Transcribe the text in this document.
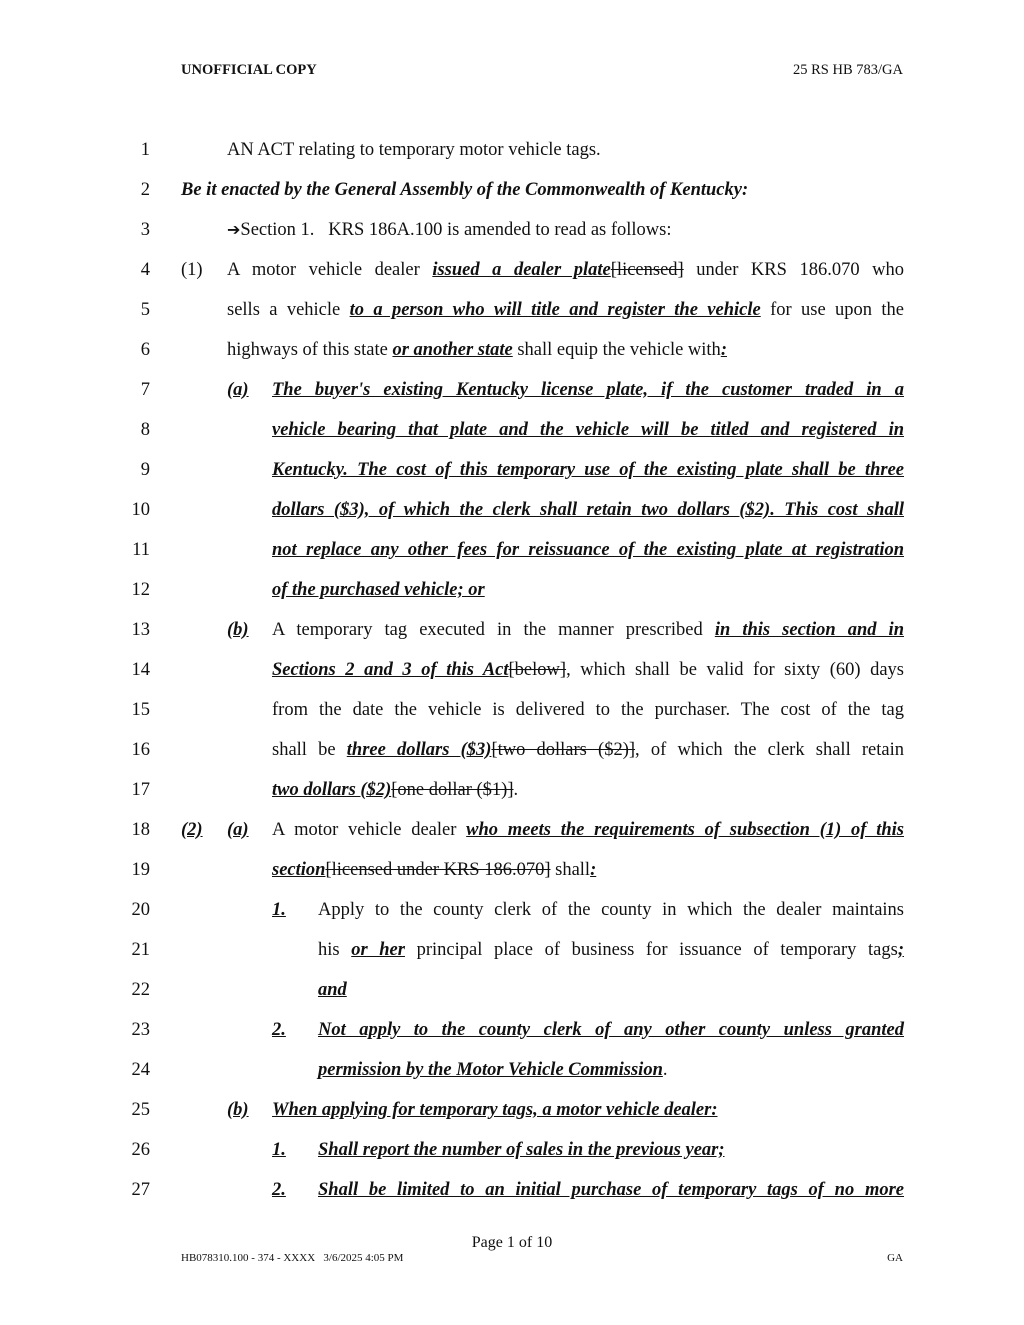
UNOFFICIAL COPY	25 RS HB 783/GA
1	AN ACT relating to temporary motor vehicle tags.
2 Be it enacted by the General Assembly of the Commonwealth of Kentucky:
3	➔Section 1.   KRS 186A.100 is amended to read as follows:
4 (1) A motor vehicle dealer issued a dealer plate[licensed] under KRS 186.070 who
5	sells a vehicle to a person who will title and register the vehicle for use upon the
6	highways of this state or another state shall equip the vehicle with:
7	(a) The buyer's existing Kentucky license plate, if the customer traded in a
8	vehicle bearing that plate and the vehicle will be titled and registered in
9	Kentucky. The cost of this temporary use of the existing plate shall be three
10	dollars ($3), of which the clerk shall retain two dollars ($2). This cost shall
11	not replace any other fees for reissuance of the existing plate at registration
12	of the purchased vehicle; or
13	(b) A temporary tag executed in the manner prescribed in this section and in
14	Sections 2 and 3 of this Act[below], which shall be valid for sixty (60) days
15	from the date the vehicle is delivered to the purchaser. The cost of the tag
16	shall be three dollars ($3)[two dollars ($2)], of which the clerk shall retain
17	two dollars ($2)[one dollar ($1)].
18 (2) (a) A motor vehicle dealer who meets the requirements of subsection (1) of this
19	section[licensed under KRS 186.070] shall:
20	1. Apply to the county clerk of the county in which the dealer maintains
21	his or her principal place of business for issuance of temporary tags;
22	and
23	2. Not apply to the county clerk of any other county unless granted
24	permission by the Motor Vehicle Commission.
25	(b) When applying for temporary tags, a motor vehicle dealer:
26	1. Shall report the number of sales in the previous year;
27	2. Shall be limited to an initial purchase of temporary tags of no more
Page 1 of 10
HB078310.100 - 374 - XXXX   3/6/2025 4:05 PM	GA
